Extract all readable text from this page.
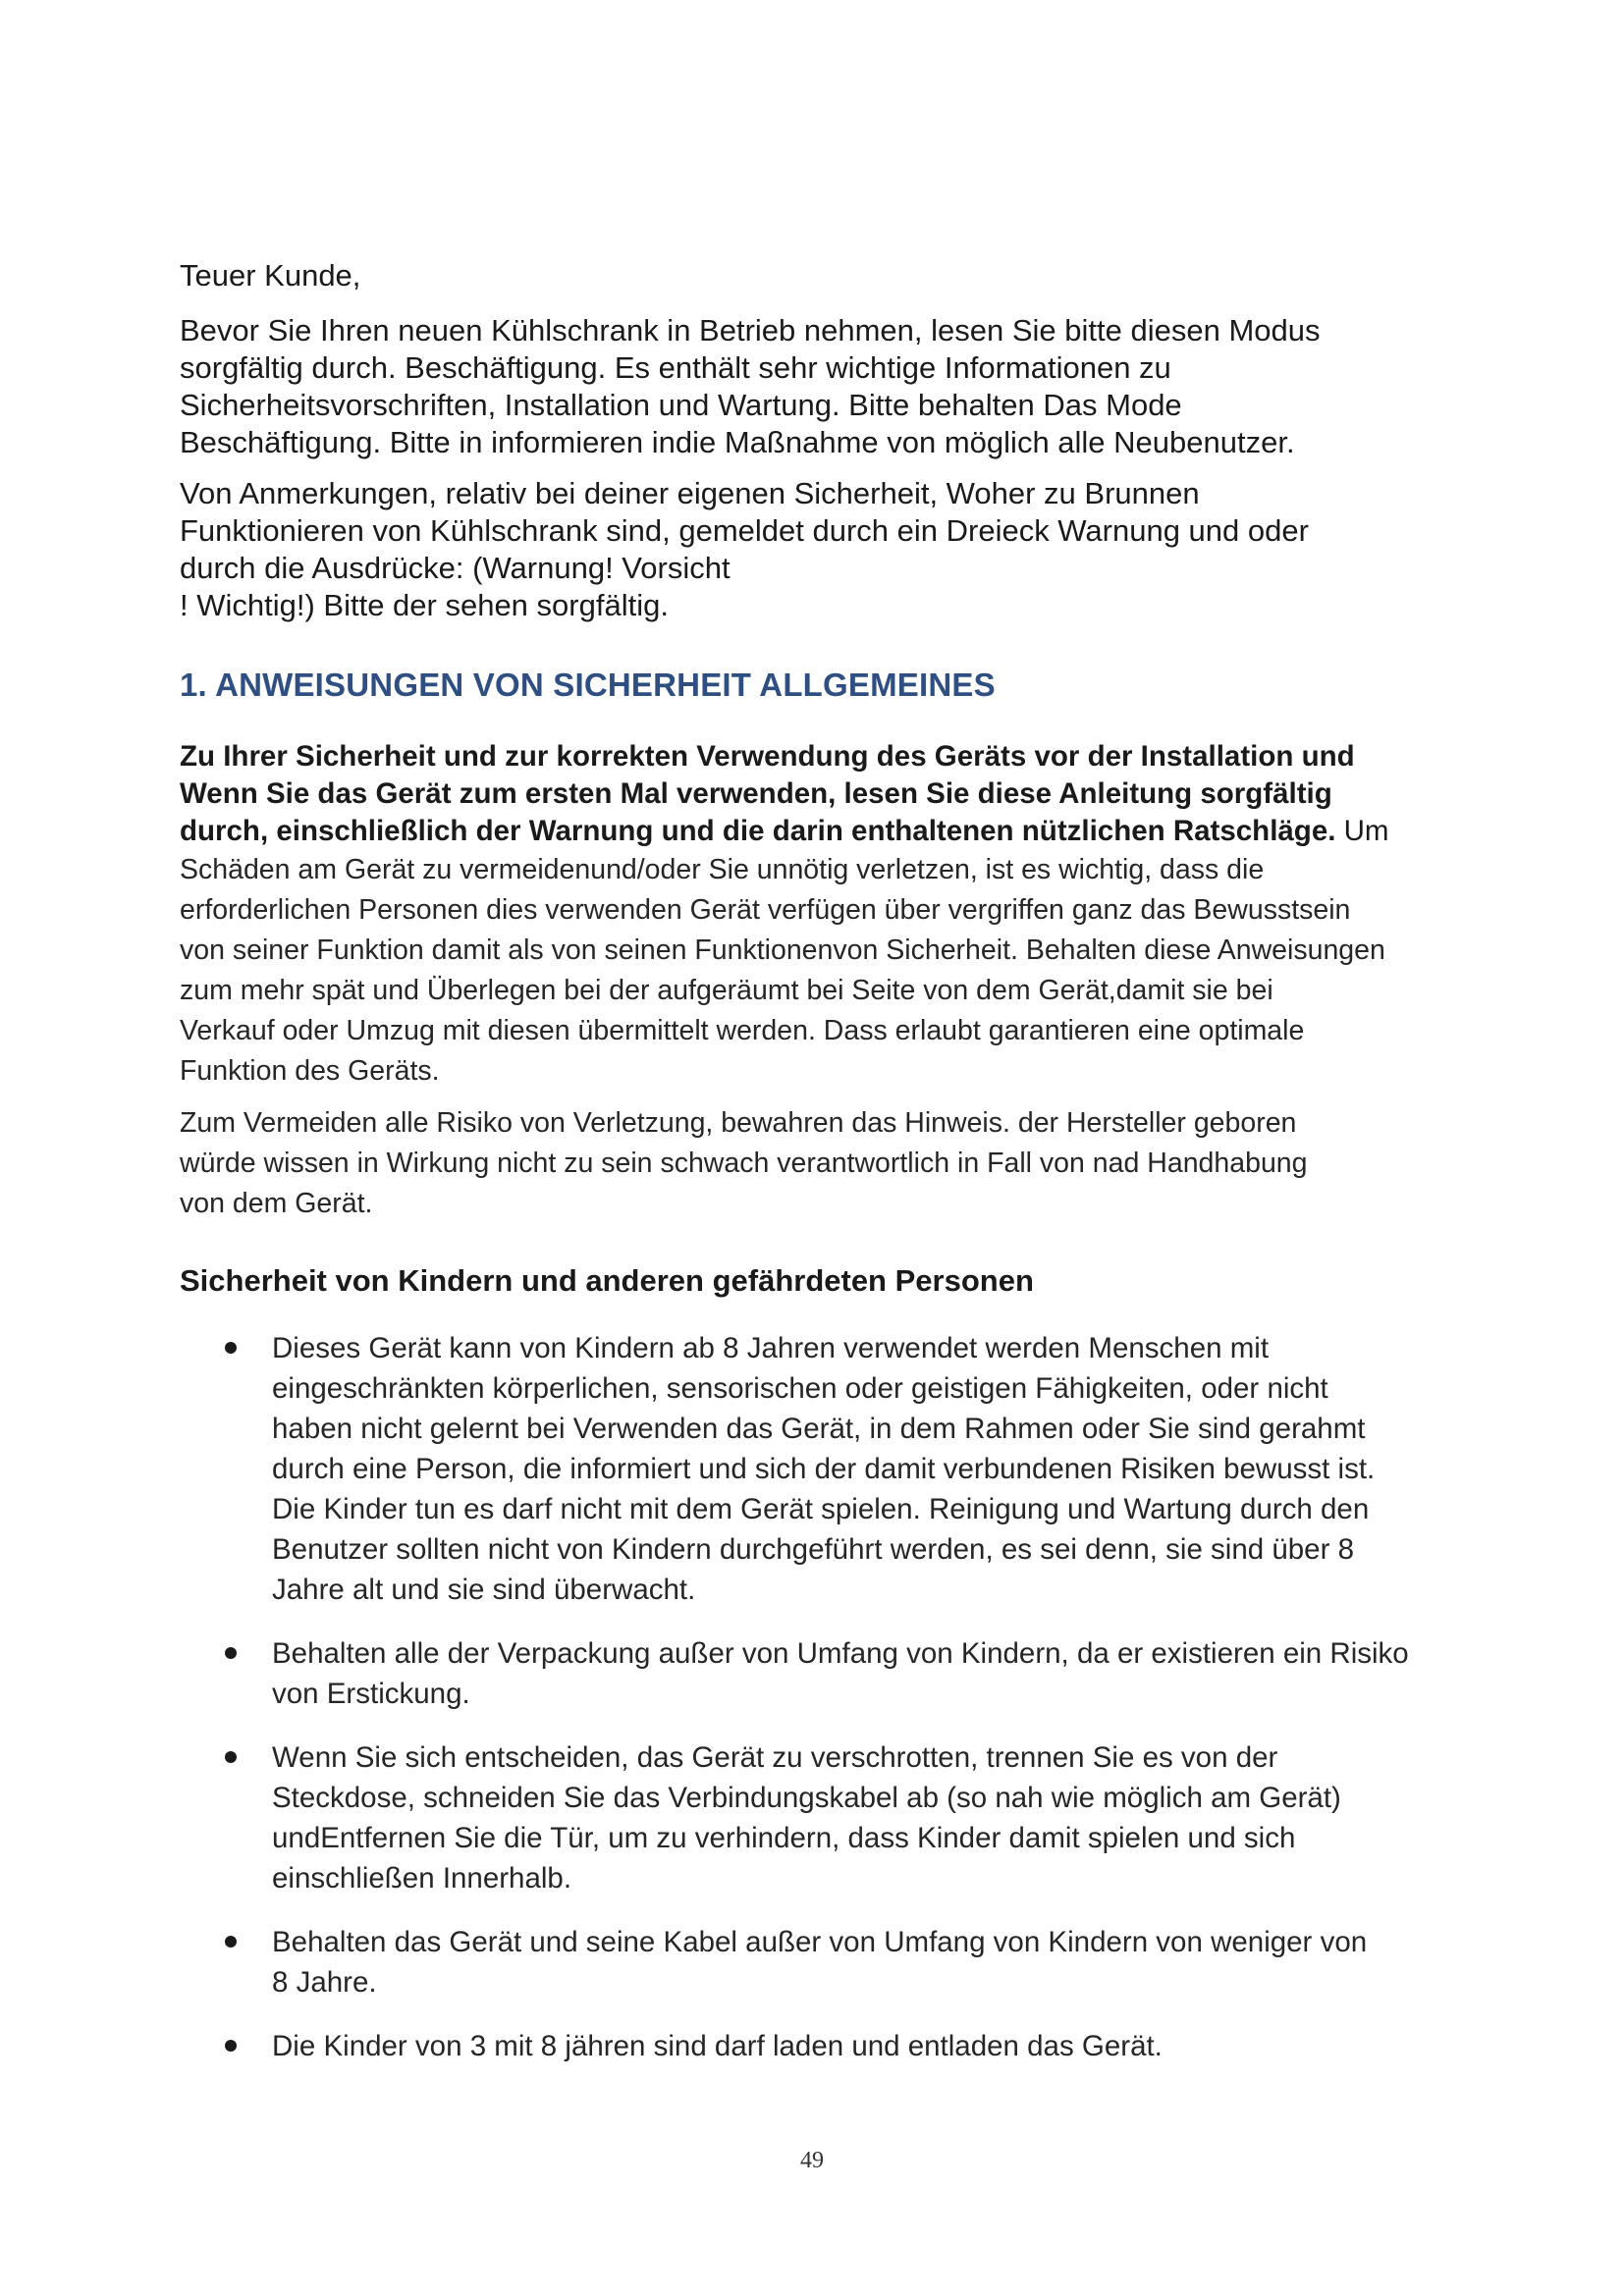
Teuer Kunde,

Bevor Sie Ihren neuen Kühlschrank in Betrieb nehmen, lesen Sie bitte diesen Modus
sorgfältig durch. Beschäftigung. Es enthält sehr wichtige Informationen zu
Sicherheitsvorschriften, Installation und Wartung. Bitte behalten Das Mode
Beschäftigung. Bitte in informieren indie Maßnahme von möglich alle Neubenutzer.

Von Anmerkungen, relativ bei deiner eigenen Sicherheit, Woher zu Brunnen
Funktionieren von Kühlschrank sind, gemeldet durch ein Dreieck Warnung und oder
durch die Ausdrücke: (Warnung! Vorsicht
! Wichtig!) Bitte der sehen sorgfältig.

1. ANWEISUNGEN VON SICHERHEIT ALLGEMEINES

Zu Ihrer Sicherheit und zur korrekten Verwendung des Geräts vor der Installation und
Wenn Sie das Gerät zum ersten Mal verwenden, lesen Sie diese Anleitung sorgfältig
durch, einschließlich der Warnung und die darin enthaltenen nützlichen Ratschläge. Um

Schäden am Gerät zu vermeidenund/oder Sie unnötig verletzen, ist es wichtig, dass die
erforderlichen Personen dies verwenden Gerät verfügen über vergriffen ganz das Bewusstsein
von seiner Funktion damit als von seinen Funktionenvon Sicherheit. Behalten diese Anweisungen
zum mehr spät und Überlegen bei der aufgeräumt bei Seite von dem Gerät,damit sie bei
Verkauf oder Umzug mit diesen übermittelt werden. Dass erlaubt garantieren eine optimale
Funktion des Geräts.

Zum Vermeiden alle Risiko von Verletzung, bewahren das Hinweis. der Hersteller geboren
würde wissen in Wirkung nicht zu sein schwach verantwortlich in Fall von nad Handhabung
von dem Gerät.

Sicherheit von Kindern und anderen gefährdeten Personen
Dieses Gerät kann von Kindern ab 8 Jahren verwendet werden Menschen mit
eingeschränkten körperlichen, sensorischen oder geistigen Fähigkeiten, oder nicht
haben nicht gelernt bei Verwenden das Gerät, in dem Rahmen oder Sie sind gerahmt
durch eine Person, die informiert und sich der damit verbundenen Risiken bewusst ist.
Die Kinder tun es darf nicht mit dem Gerät spielen. Reinigung und Wartung durch den
Benutzer sollten nicht von Kindern durchgeführt werden, es sei denn, sie sind über 8
Jahre alt und sie sind überwacht.
Behalten alle der Verpackung außer von Umfang von Kindern, da er existieren ein Risiko
von Erstickung.
Wenn Sie sich entscheiden, das Gerät zu verschrotten, trennen Sie es von der
Steckdose, schneiden Sie das Verbindungskabel ab (so nah wie möglich am Gerät)
undEntfernen Sie die Tür, um zu verhindern, dass Kinder damit spielen und sich
einschließen Innerhalb.
Behalten das Gerät und seine Kabel außer von Umfang von Kindern von weniger von
8 Jahre.
Die Kinder von 3 mit 8 jähren sind darf laden und entladen das Gerät.
49
